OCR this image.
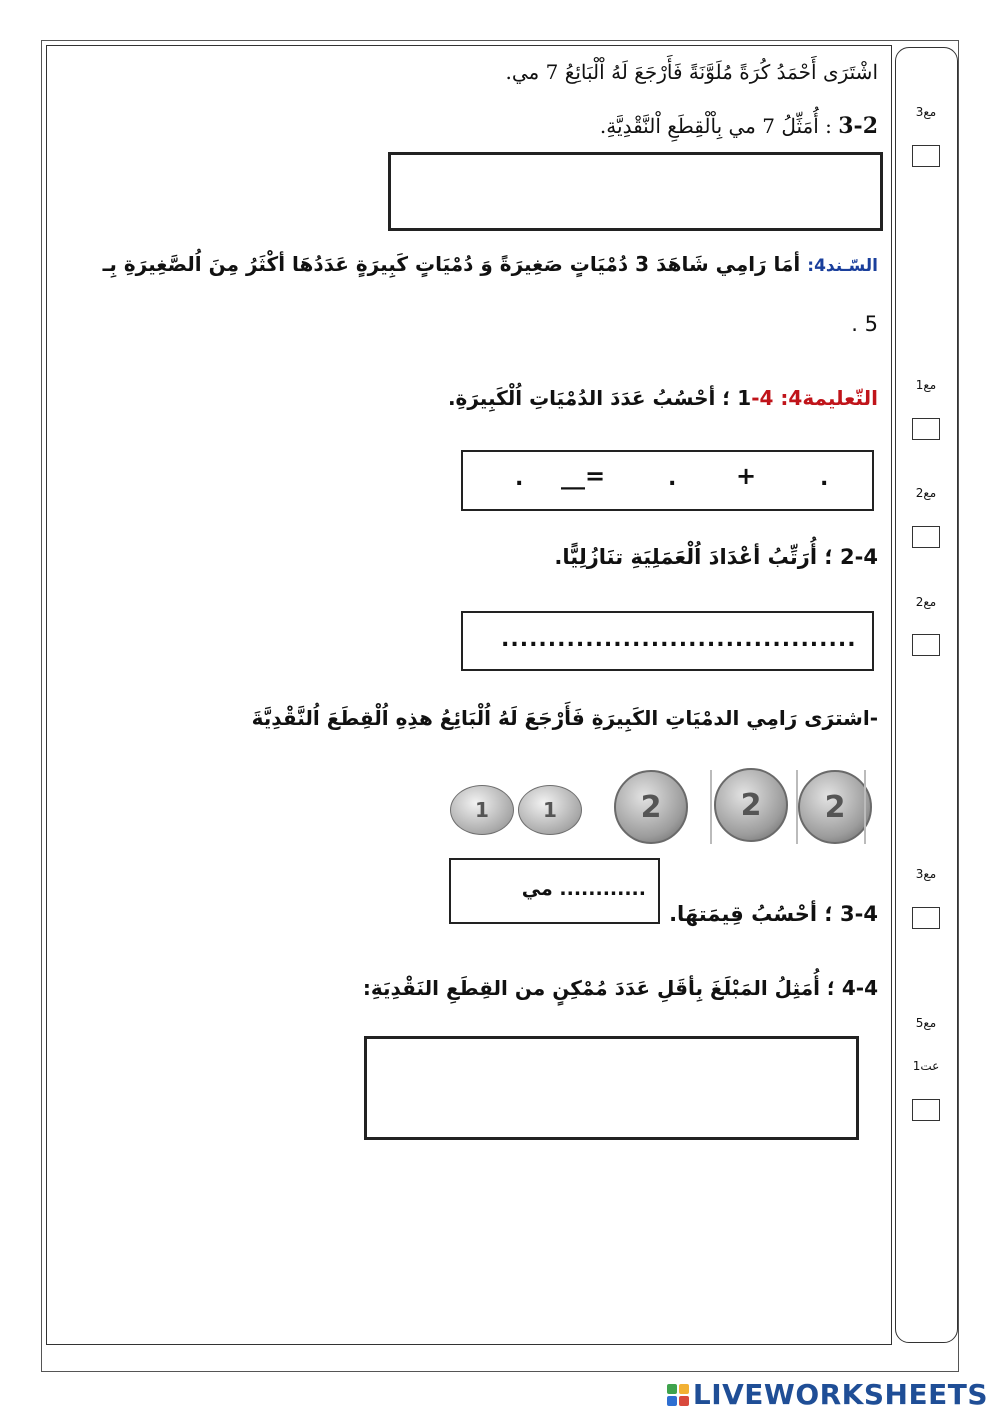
اشْتَرَى أَحْمَدُ كُرَةً مُلَوَّنَةً فَأَرْجَعَ لَهُ اْلْبَائِعُ 7 مي.
3-2 : أُمَثِّلُ 7 مي بِاْلْقِطَعِ اْلنَّقْدِيَّةِ.
السّـند4: أمَا رَامِي شَاهَدَ 3 دُمْيَاتٍ صَغِيرَةً وَ دُمْيَاتٍ كَبِيرَةٍ عَدَدُهَا أكْثَرُ مِنَ اُلصَّغِيرَةِ بِـ
5 .
التّعليمة4: 4-1 ؛ أحْسُبُ عَدَدَ الدُمْيَاتِ اُلْكَبِيرَةِ.
.
+
.
__=
.
2-4 ؛ أُرَتِّبُ أعْدَادَ اُلْعَمَلِيَةِ تنَازُلِيًّا.
......................................
-اشترَى رَامِي الدمْيَاتِ الكَبِيرَةِ فَأَرْجَعَ لَهُ اُلْبَائِعُ هذِهِ اُلْقِطَعَ اُلنَّقْدِيَّةَ
2
2
2
1
1
............ مي
3-4 ؛ أحْسُبُ قِيمَتهَا.
4-4 ؛ أُمَثِلُ المَبْلَغَ بِأقَلِ عَدَدَ مُمْكِنٍ من القِطَعِ النَقْدِيَةِ:
مع3
مع1
مع2
مع2
مع3
مع5
عت1
LIVEWORKSHEETS
